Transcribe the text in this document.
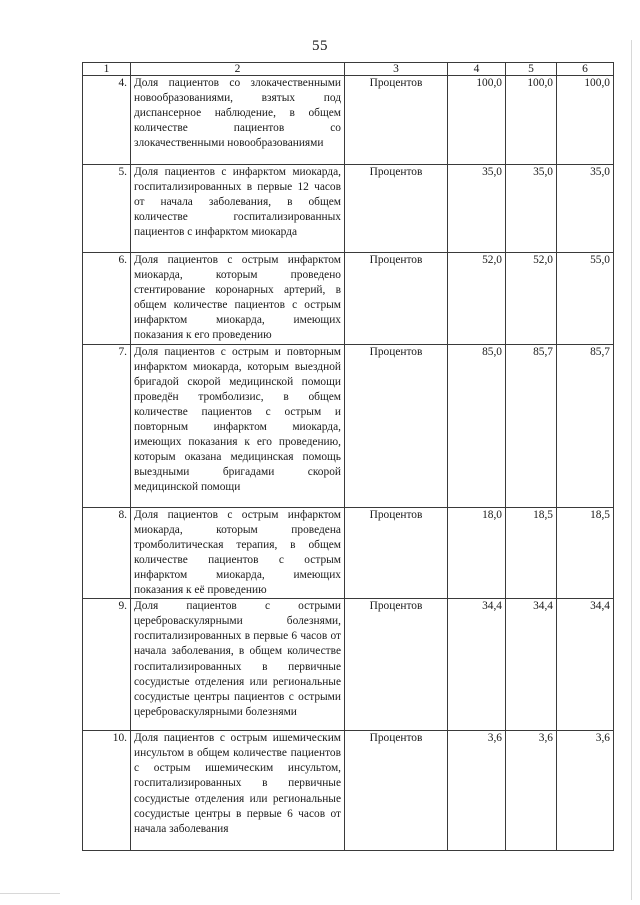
55
1	2	3	4	5	6
4.	Доля пациентов со злокачественными новообразованиями, взятых под диспансерное наблюдение, в общем количестве пациентов со злокачественными новообразованиями	Процентов	100,0	100,0	100,0
5.	Доля пациентов с инфарктом миокарда, госпитализированных в первые 12 часов от начала заболевания, в общем количестве госпитализированных пациентов с инфарктом миокарда	Процентов	35,0	35,0	35,0
6.	Доля пациентов с острым инфарктом миокарда, которым проведено стентирование коронарных артерий, в общем количестве пациентов с острым инфарктом миокарда, имеющих показания к его проведению	Процентов	52,0	52,0	55,0
7.	Доля пациентов с острым и повторным инфарктом миокарда, которым выездной бригадой скорой медицинской помощи проведён тромболизис, в общем количестве пациентов с острым и повторным инфарктом миокарда, имеющих показания к его проведению, которым оказана медицинская помощь выездными бригадами скорой медицинской помощи	Процентов	85,0	85,7	85,7
8.	Доля пациентов с острым инфарктом миокарда, которым проведена тромболитическая терапия, в общем количестве пациентов с острым инфарктом миокарда, имеющих показания к её проведению	Процентов	18,0	18,5	18,5
9.	Доля пациентов с острыми цереброваскулярными болезнями, госпитализированных в первые 6 часов от начала заболевания, в общем количестве госпитализированных в первичные сосудистые отделения или региональные сосудистые центры пациентов с острыми цереброваскулярными болезнями	Процентов	34,4	34,4	34,4
10.	Доля пациентов с острым ишемическим инсультом в общем количестве пациентов с острым ишемическим инсультом, госпитализированных в первичные сосудистые отделения или региональные сосудистые центры в первые 6 часов от начала заболевания	Процентов	3,6	3,6	3,6
